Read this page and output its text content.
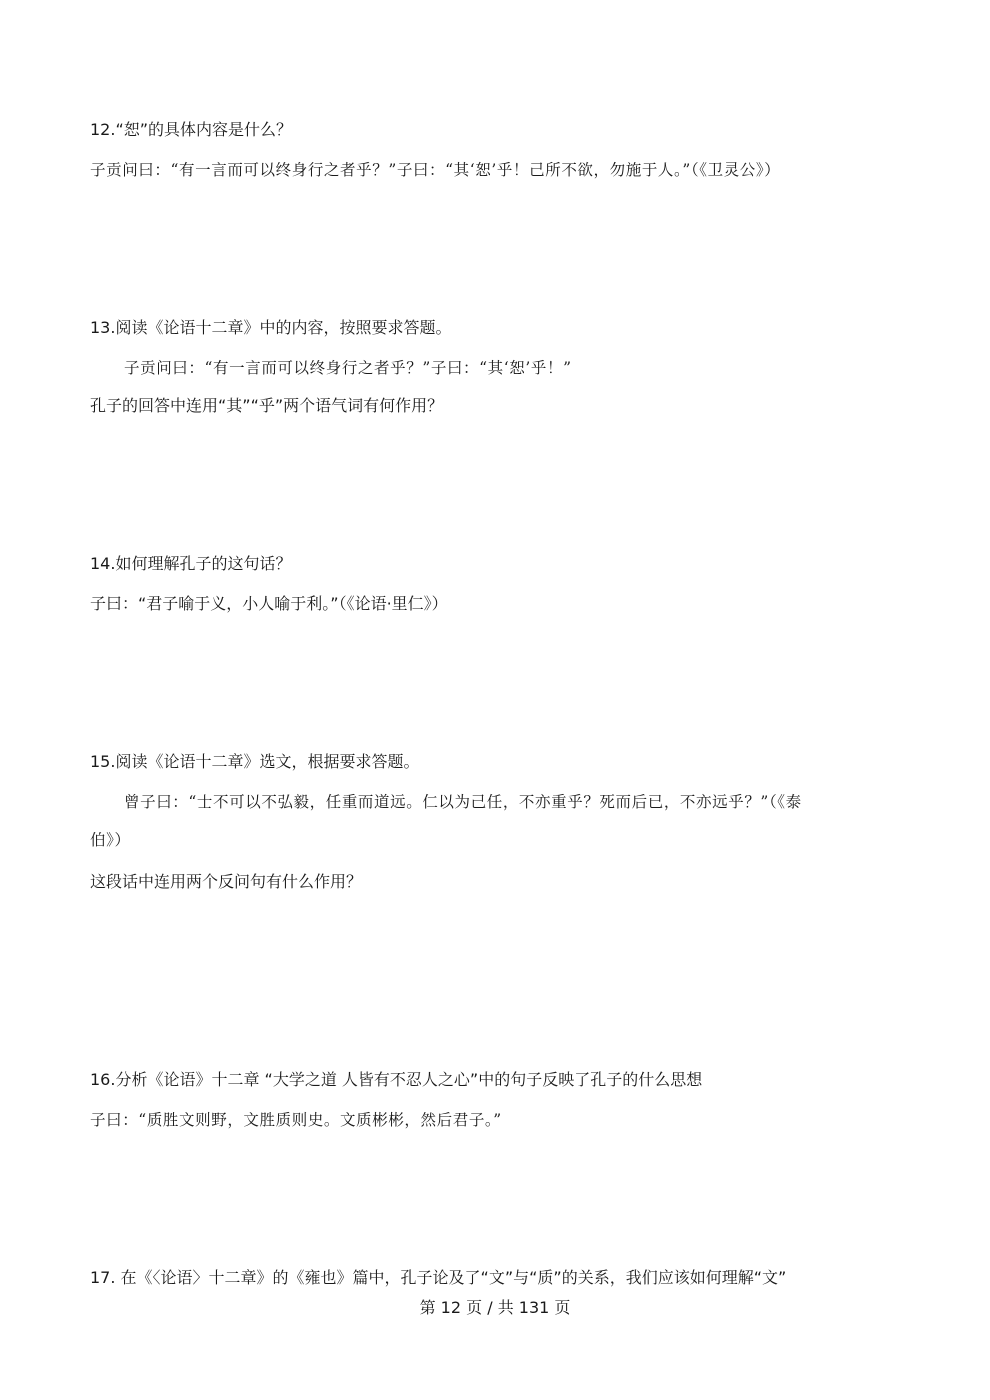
12.“恕”的具体内容是什么？
子贡问曰：“有一言而可以终身行之者乎？”子曰：“其‘恕’乎！己所不欲，勿施于人。”（《卫灵公》）
13.阅读《论语十二章》中的内容，按照要求答题。
子贡问曰：“有一言而可以终身行之者乎？”子曰：“其‘恕’乎！”
孔子的回答中连用“其”“乎”两个语气词有何作用？
14.如何理解孔子的这句话？
子曰：“君子喻于义，小人喻于利。”（《论语·里仁》）
15.阅读《论语十二章》选文，根据要求答题。
曾子曰：“士不可以不弘毅，任重而道远。仁以为己任，不亦重乎？死而后已，不亦远乎？”（《泰
伯》）
这段话中连用两个反问句有什么作用？
16.分析《论语》十二章 “大学之道 人皆有不忍人之心”中的句子反映了孔子的什么思想
子曰：“质胜文则野，文胜质则史。文质彬彬，然后君子。”
17. 在《〈论语〉十二章》的《雍也》篇中，孔子论及了“文”与“质”的关系，我们应该如何理解“文”
第 12 页 / 共 131 页
